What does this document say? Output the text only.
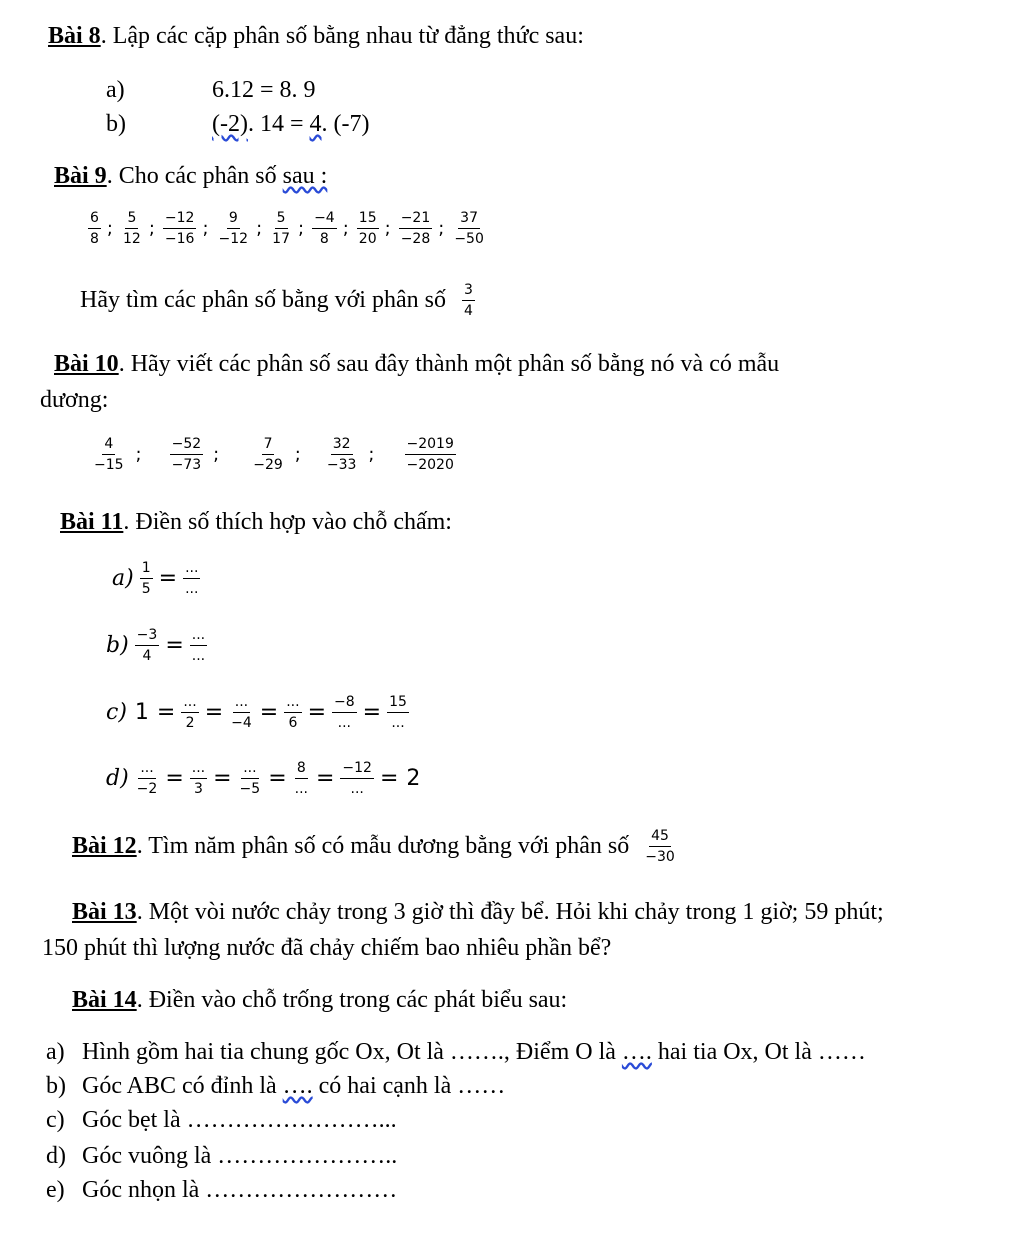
Bài 8. Lập các cặp phân số bằng nhau từ đẳng thức sau:
a)	6.12 = 8. 9
b)	(-2). 14 = 4. (-7)
Bài 9. Cho các phân số sau :
$\frac{6}{8}$ ; $\frac{5}{12}$ ; $\frac{-12}{-16}$ ; $\frac{9}{-12}$ ; $\frac{5}{17}$ ; $\frac{-4}{8}$ ; $\frac{15}{20}$ ; $\frac{-21}{-28}$ ; $\frac{37}{-50}$
Hãy tìm các phân số bằng với phân số $\frac{3}{4}$
Bài 10. Hãy viết các phân số sau đây thành một phân số bằng nó và có mẫu
dương:
$\frac{4}{-15}$ ; $\frac{-52}{-73}$ ; $\frac{7}{-29}$ ; $\frac{32}{-33}$ ; $\frac{-2019}{-2020}$
Bài 11. Điền số thích hợp vào chỗ chấm:
$a) \frac{1}{5} = \frac{...}{...}$
$b) \frac{-3}{4} = \frac{...}{...}$
c) $1 = \frac{...}{2} = \frac{...}{-4} = \frac{...}{6} = \frac{-8}{...} = \frac{15}{...}$
$d) \frac{...}{-2} = \frac{...}{3} = \frac{...}{-5} = \frac{8}{...} = \frac{-12}{...} = 2$
Bài 12 . Tìm năm phân số có mẫu dương bằng với phân số $\frac{45}{-30}$
Bài 13. Một vòi nước chảy trong 3 giờ thì đầy bể. Hỏi khi chảy trong 1 giờ; 59 phút;
150 phút thì lượng nước đã chảy chiếm bao nhiêu phần bể?
Bài 14. Điền vào chỗ trống trong các phát biểu sau:
a) Hình gồm hai tia chung gốc Ox, Ot là ……., Điểm O là …. hai tia Ox, Ot là ……
b) Góc ABC có đỉnh là …. có hai cạnh là ……
c) Góc bẹt là ……………………...
d) Góc vuông là …………………..
e) Góc nhọn là ……………………
